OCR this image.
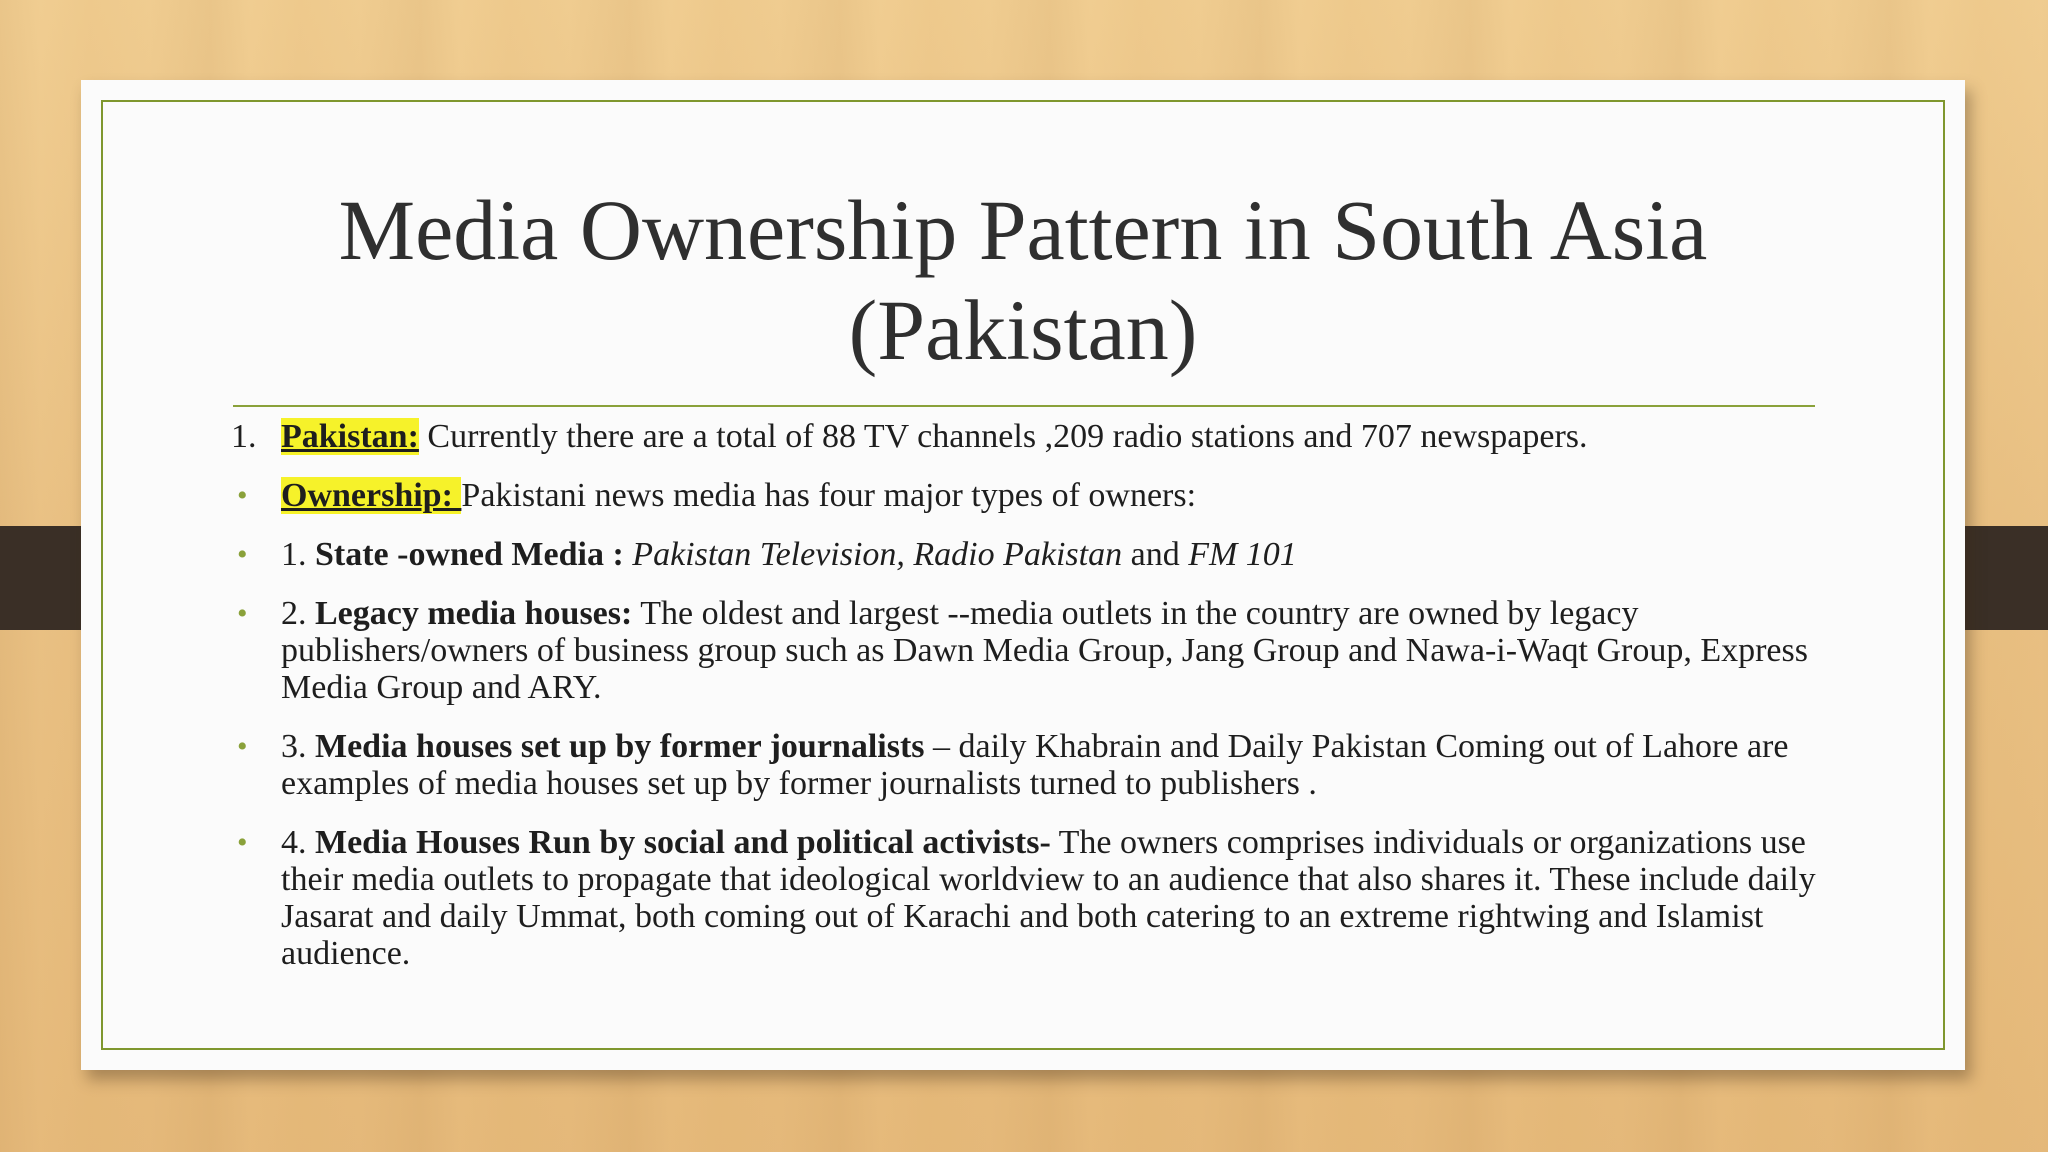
Media Ownership Pattern in South Asia
(Pakistan)
1. Pakistan: Currently there are a total of 88 TV channels ,209 radio stations and 707 newspapers.
• Ownership: Pakistani news media has four major types of owners:
• 1. State -owned Media : Pakistan Television, Radio Pakistan and FM 101
• 2. Legacy media houses: The oldest and largest --media outlets in the country are owned by legacy publishers/owners of business group such as Dawn Media Group, Jang Group and Nawa-i-Waqt Group, Express Media Group and ARY.
• 3. Media houses set up by former journalists – daily Khabrain and Daily Pakistan Coming out of Lahore are examples of media houses set up by former journalists turned to publishers .
• 4. Media Houses Run by social and political activists- The owners comprises individuals or organizations use their media outlets to propagate that ideological worldview to an audience that also shares it. These include daily Jasarat and daily Ummat, both coming out of Karachi and both catering to an extreme rightwing and Islamist audience.
